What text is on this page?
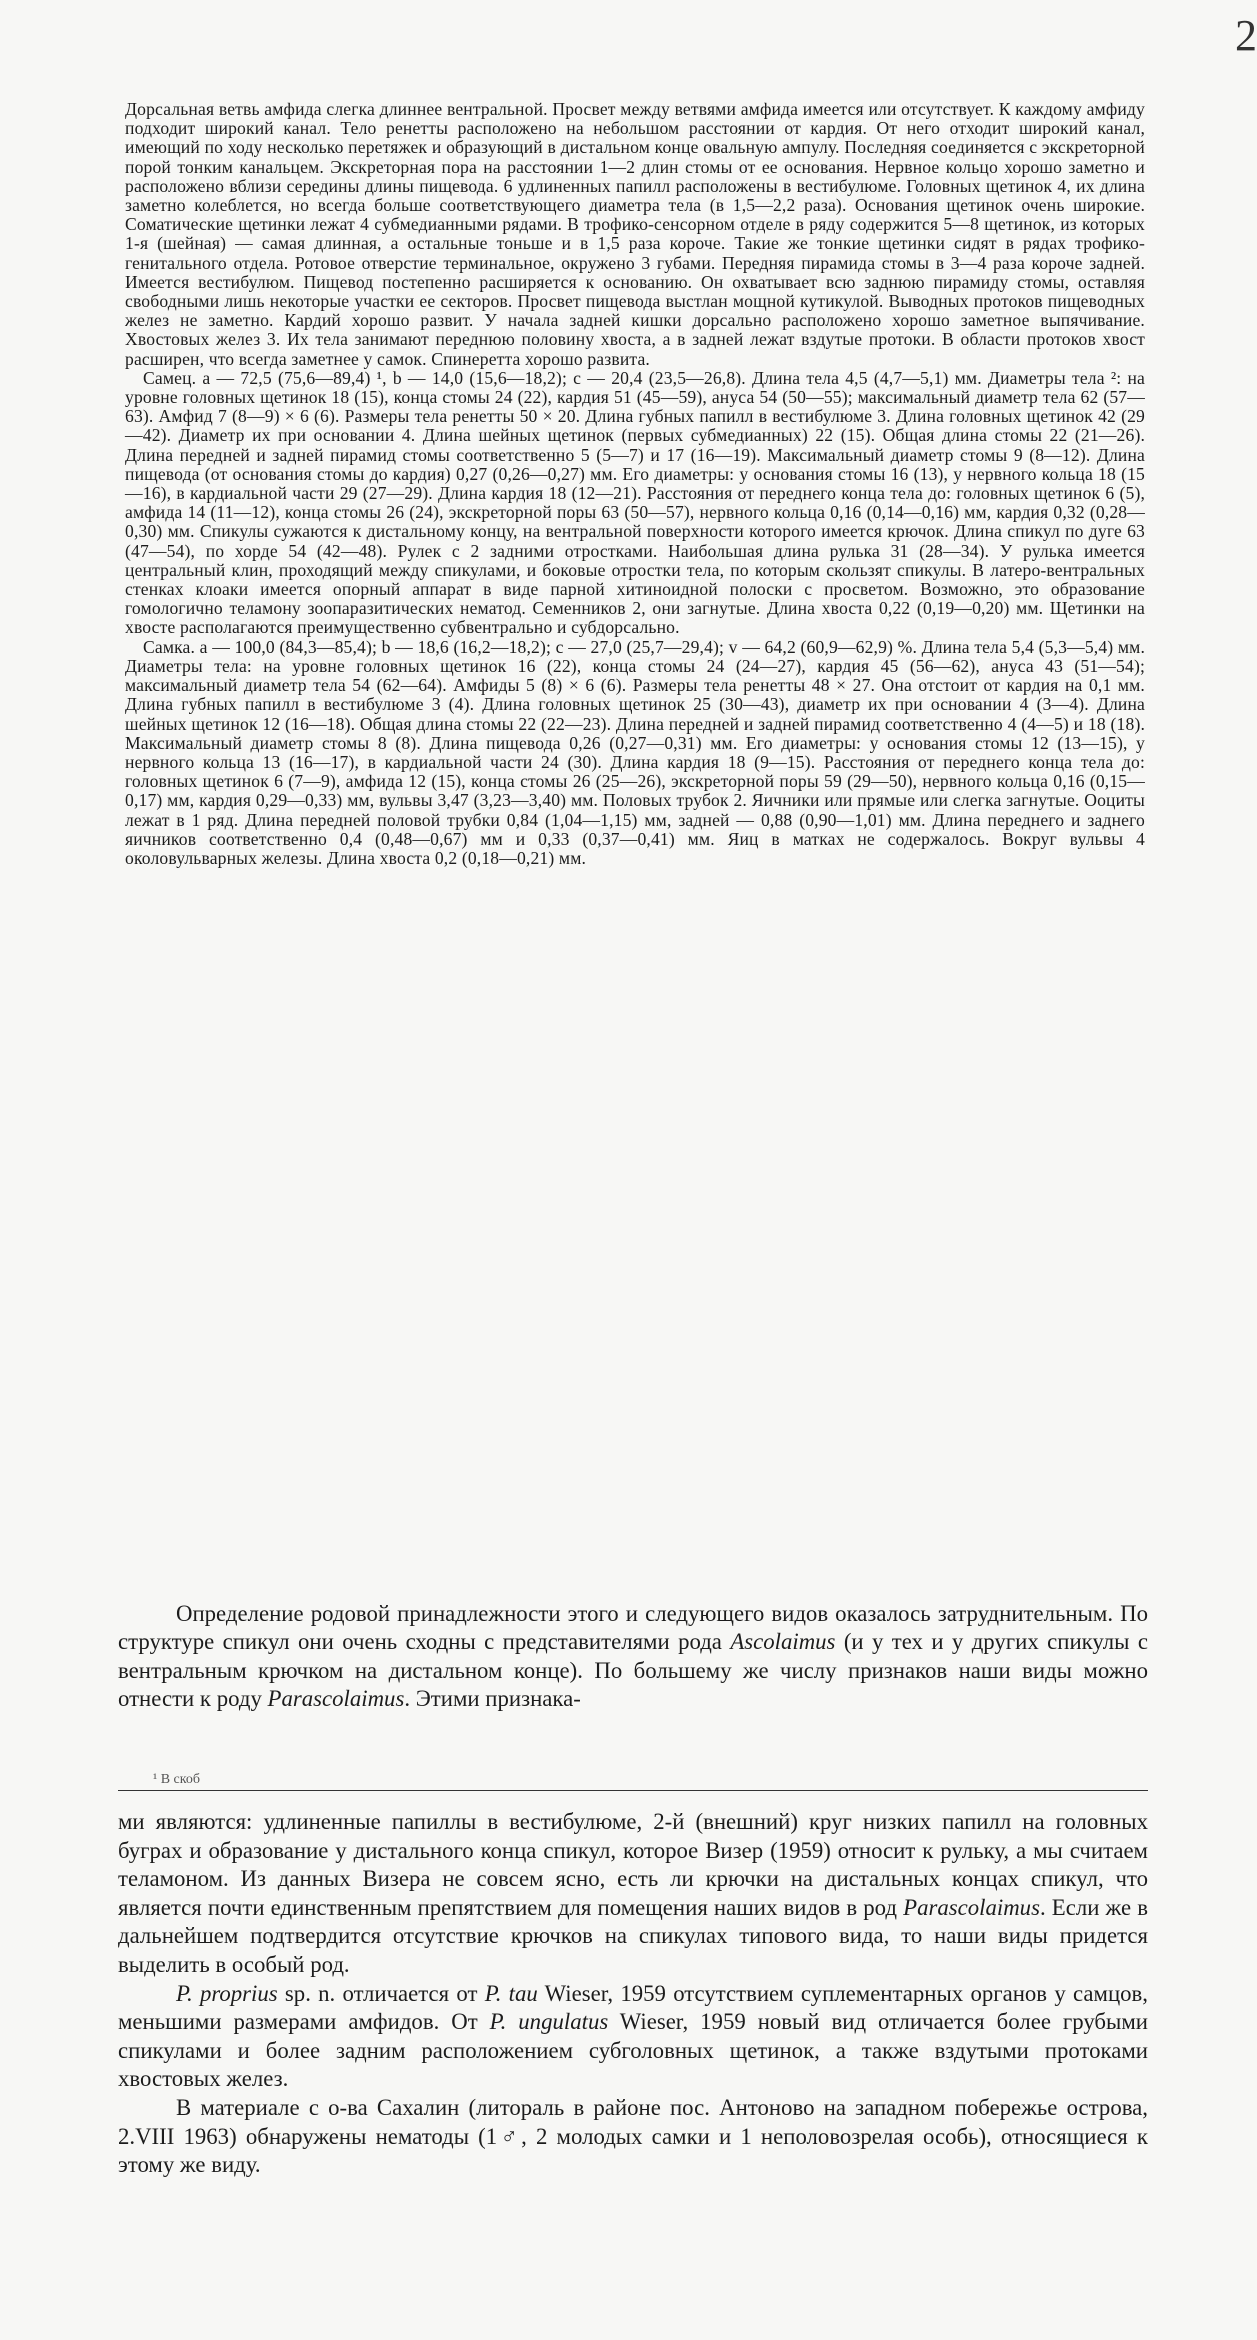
2

Дорсальная ветвь амфида слегка длиннее вентральной. Просвет между ветвями амфида имеется или отсутствует. К каждому амфиду подходит широкий канал. Тело ренетты расположено на небольшом расстоянии от кардия. От него отходит широкий канал, имеющий по ходу несколько перетяжек и образующий в дистальном конце овальную ампулу. Последняя соединяется с экскреторной порой тонким канальцем. Экскреторная пора на расстоянии 1—2 длин стомы от ее основания. Нервное кольцо хорошо заметно и расположено вблизи середины длины пищевода. 6 удлиненных папилл расположены в вестибулюме. Головных щетинок 4, их длина заметно колеблется, но всегда больше соответствующего диаметра тела (в 1,5—2,2 раза). Основания щетинок очень широкие. Соматические щетинки лежат 4 субмедианными рядами. В трофико-сенсорном отделе в ряду содержится 5—8 щетинок, из которых 1-я (шейная) — самая длинная, а остальные тоньше и в 1,5 раза короче. Такие же тонкие щетинки сидят в рядах трофико-генитального отдела. Ротовое отверстие терминальное, окружено 3 губами. Передняя пирамида стомы в 3—4 раза короче задней. Имеется вестибулюм. Пищевод постепенно расширяется к основанию. Он охватывает всю заднюю пирамиду стомы, оставляя свободными лишь некоторые участки ее секторов. Просвет пищевода выстлан мощной кутикулой. Выводных протоков пищеводных желез не заметно. Кардий хорошо развит. У начала задней кишки дорсально расположено хорошо заметное выпячивание. Хвостовых желез 3. Их тела занимают переднюю половину хвоста, а в задней лежат вздутые протоки. В области протоков хвост расширен, что всегда заметнее у самок. Спинеретта хорошо развита.

Самец. a — 72,5 (75,6—89,4) ¹, b — 14,0 (15,6—18,2); c — 20,4 (23,5—26,8). Длина тела 4,5 (4,7—5,1) мм. Диаметры тела ²: на уровне головных щетинок 18 (15), конца стомы 24 (22), кардия 51 (45—59), ануса 54 (50—55); максимальный диаметр тела 62 (57—63). Амфид 7 (8—9) × 6 (6). Размеры тела ренетты 50 × 20. Длина губных папилл в вестибулюме 3. Длина головных щетинок 42 (29—42). Диаметр их при основании 4. Длина шейных щетинок (первых субмедианных) 22 (15). Общая длина стомы 22 (21—26). Длина передней и задней пирамид стомы соответственно 5 (5—7) и 17 (16—19). Максимальный диаметр стомы 9 (8—12). Длина пищевода (от основания стомы до кардия) 0,27 (0,26—0,27) мм. Его диаметры: у основания стомы 16 (13), у нервного кольца 18 (15—16), в кардиальной части 29 (27—29). Длина кардия 18 (12—21). Расстояния от переднего конца тела до: головных щетинок 6 (5), амфида 14 (11—12), конца стомы 26 (24), экскреторной поры 63 (50—57), нервного кольца 0,16 (0,14—0,16) мм, кардия 0,32 (0,28—0,30) мм. Спикулы сужаются к дистальному концу, на вентральной поверхности которого имеется крючок. Длина спикул по дуге 63 (47—54), по хорде 54 (42—48). Рулек с 2 задними отростками. Наибольшая длина рулька 31 (28—34). У рулька имеется центральный клин, проходящий между спикулами, и боковые отростки тела, по которым скользят спикулы. В латеро-вентральных стенках клоаки имеется опорный аппарат в виде парной хитиноидной полоски с просветом. Возможно, это образование гомологично теламону зоопаразитических нематод. Семенников 2, они загнутые. Длина хвоста 0,22 (0,19—0,20) мм. Щетинки на хвосте располагаются преимущественно субвентрально и субдорсально.

Самка. a — 100,0 (84,3—85,4); b — 18,6 (16,2—18,2); c — 27,0 (25,7—29,4); v — 64,2 (60,9—62,9) %. Длина тела 5,4 (5,3—5,4) мм. Диаметры тела: на уровне головных щетинок 16 (22), конца стомы 24 (24—27), кардия 45 (56—62), ануса 43 (51—54); максимальный диаметр тела 54 (62—64). Амфиды 5 (8) × 6 (6). Размеры тела ренетты 48 × 27. Она отстоит от кардия на 0,1 мм. Длина губных папилл в вестибулюме 3 (4). Длина головных щетинок 25 (30—43), диаметр их при основании 4 (3—4). Длина шейных щетинок 12 (16—18). Общая длина стомы 22 (22—23). Длина передней и задней пирамид соответственно 4 (4—5) и 18 (18). Максимальный диаметр стомы 8 (8). Длина пищевода 0,26 (0,27—0,31) мм. Его диаметры: у основания стомы 12 (13—15), у нервного кольца 13 (16—17), в кардиальной части 24 (30). Длина кардия 18 (9—15). Расстояния от переднего конца тела до: головных щетинок 6 (7—9), амфида 12 (15), конца стомы 26 (25—26), экскреторной поры 59 (29—50), нервного кольца 0,16 (0,15—0,17) мм, кардия 0,29—0,33) мм, вульвы 3,47 (3,23—3,40) мм. Половых трубок 2. Яичники или прямые или слегка загнутые. Ооциты лежат в 1 ряд. Длина передней половой трубки 0,84 (1,04—1,15) мм, задней — 0,88 (0,90—1,01) мм. Длина переднего и заднего яичников соответственно 0,4 (0,48—0,67) мм и 0,33 (0,37—0,41) мм. Яиц в матках не содержалось. Вокруг вульвы 4 околовульварных железы. Длина хвоста 0,2 (0,18—0,21) мм.

Определение родовой принадлежности этого и следующего видов оказалось затруднительным. По структуре спикул они очень сходны с представителями рода Ascolaimus (и у тех и у других спикулы с вентральным крючком на дистальном конце). По большему же числу признаков наши виды можно отнести к роду Parascolaimus. Этими признака-

¹ В скоб

ми являются: удлиненные папиллы в вестибулюме, 2-й (внешний) круг низких папилл на головных буграх и образование у дистального конца спикул, которое Визер (1959) относит к рульку, а мы считаем теламоном. Из данных Визера не совсем ясно, есть ли крючки на дистальных концах спикул, что является почти единственным препятствием для помещения наших видов в род Parascolaimus. Если же в дальнейшем подтвердится отсутствие крючков на спикулах типового вида, то наши виды придется выделить в особый род.

P. proprius sp. n. отличается от P. tau Wieser, 1959 отсутствием суплементарных органов у самцов, меньшими размерами амфидов. От P. ungulatus Wieser, 1959 новый вид отличается более грубыми спикулами и более задним расположением субголовных щетинок, а также вздутыми протоками хвостовых желез.

В материале с о-ва Сахалин (литораль в районе пос. Антоново на западном побережье острова, 2.VIII 1963) обнаружены нематоды (1♂, 2 молодых самки и 1 неполовозрелая особь), относящиеся к этому же виду.
